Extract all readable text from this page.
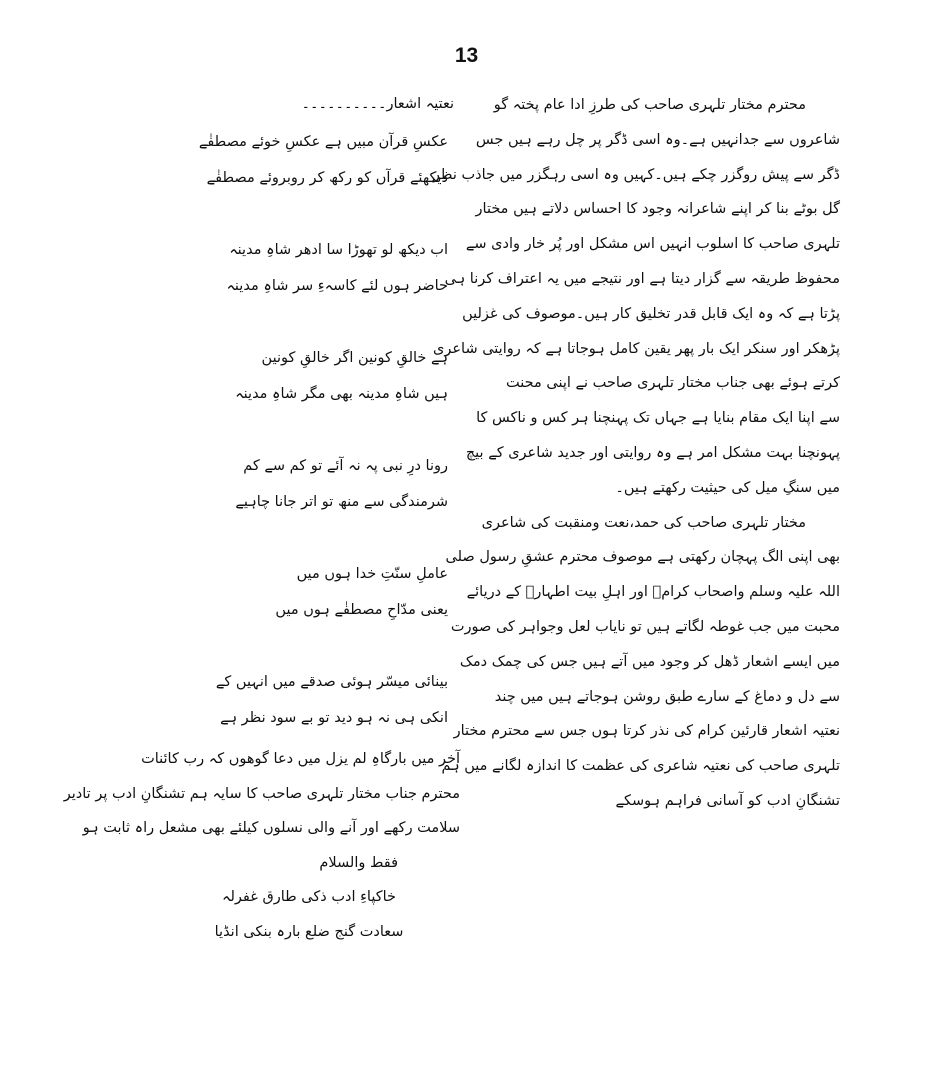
13
محترم مختار تلہری صاحب کی طرزِ ادا عام پختہ گو
شاعروں سے جدانہیں ہے۔وہ اسی ڈگر پر چل رہے ہیں جس
ڈگر سے پیش روگزر چکے ہیں۔کہیں وہ اسی رہگزر میں جاذب نظر
گل بوٹے بنا کر اپنے شاعرانہ وجود کا احساس دلاتے ہیں مختار
تلہری صاحب کا اسلوب انہیں اس مشکل اور پُر خار وادی سے
محفوظ طریقہ سے گزار دیتا ہے اور نتیجے میں یہ اعتراف کرنا ہی
پڑتا ہے کہ وہ ایک قابل قدر تخلیق کار ہیں۔موصوف کی غزلیں
پڑھکر اور سنکر ایک بار پھر یقین کامل ہوجاتا ہے کہ روایتی شاعری
کرتے ہوئے بھی جناب مختار تلہری صاحب نے اپنی محنت
سے اپنا ایک مقام بنایا ہے جہاں تک پہنچنا ہر کس و ناکس کا
پہونچنا بہت مشکل امر ہے وہ روایتی اور جدید شاعری کے بیچ
میں سنگِ میل کی حیثیت رکھتے ہیں۔
مختار تلہری صاحب کی حمد،نعت ومنقبت کی شاعری
بھی اپنی الگ پہچان رکھتی ہے موصوف محترم عشقِ رسول صلی
اللہ علیہ وسلم واصحاب کرامؓ اور اہلِ بیت اطہارؓ کے دریائے
محبت میں جب غوطہ لگاتے ہیں تو نایاب لعل وجواہر کی صورت
میں ایسے اشعار ڈھل کر وجود میں آتے ہیں جس کی چمک دمک
سے دل و دماغ کے سارے طبق روشن ہوجاتے ہیں میں چند
نعتیہ اشعار قارئین کرام کی نذر کرتا ہوں جس سے محترم مختار
تلہری صاحب کی نعتیہ شاعری کی عظمت کا اندازہ لگانے میں ہم
تشنگانِ ادب کو آسانی فراہم ہوسکے
نعتیہ اشعار۔۔۔۔۔۔۔۔۔۔
عکسِ قرآن مبیں ہے عکسِ خوئے مصطفٰے
دیکھئے قرآں کو رکھ کر روبروئے مصطفٰے
اب دیکھ لو تھوڑا سا ادھر شاہِ مدینہ
حاضر ہوں لئے کاسہءِ سر شاہِ مدینہ
ہے خالقِ کونین اگر خالقِ کونین
ہیں شاہِ مدینہ بھی مگر شاہِ مدینہ
رونا درِ نبی پہ نہ آئے تو کم سے کم
شرمندگی سے منھ تو اتر جانا چاہیے
عاملِ سنّتِ خدا ہوں میں
یعنی مدّاحِ مصطفٰے ہوں میں
بینائی میسّر ہوئی صدقے میں انہیں کے
انکی ہی نہ ہو دید تو بے سود نظر ہے
آخر میں بارگاہِ لم یزل میں دعا گوھوں کہ رب کائنات
محترم جناب مختار تلہری صاحب کا سایہ ہم تشنگانِ ادب پر تادیر
سلامت رکھے اور آنے والی نسلوں کیلئے بھی مشعل راہ ثابت ہو
فقط والسلام
خاکپاءِ ادب ذکی طارق غفرلہ
سعادت گنج ضلع بارہ بنکی انڈیا
